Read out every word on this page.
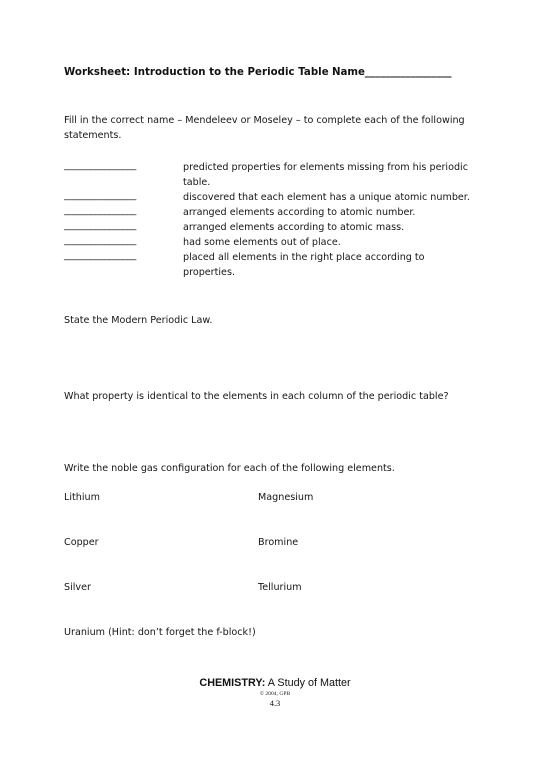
Worksheet: Introduction to the Periodic Table Name_________________
Fill in the correct name – Mendeleev or Moseley – to complete each of the following statements.
________________	predicted properties for elements missing from his periodic
table.
________________	discovered that each element has a unique atomic number.
________________	arranged elements according to atomic number.
________________	arranged elements according to atomic mass.
________________	had some elements out of place.
________________	placed all elements in the right place according to
properties.
State the Modern Periodic Law.
What property is identical to the elements in each column of the periodic table?
Write the noble gas configuration for each of the following elements.
Lithium	Magnesium
Copper	Bromine
Silver	Tellurium
Uranium (Hint: don’t forget the f-block!)
CHEMISTRY: A Study of Matter
© 2004, GPB
4.3
